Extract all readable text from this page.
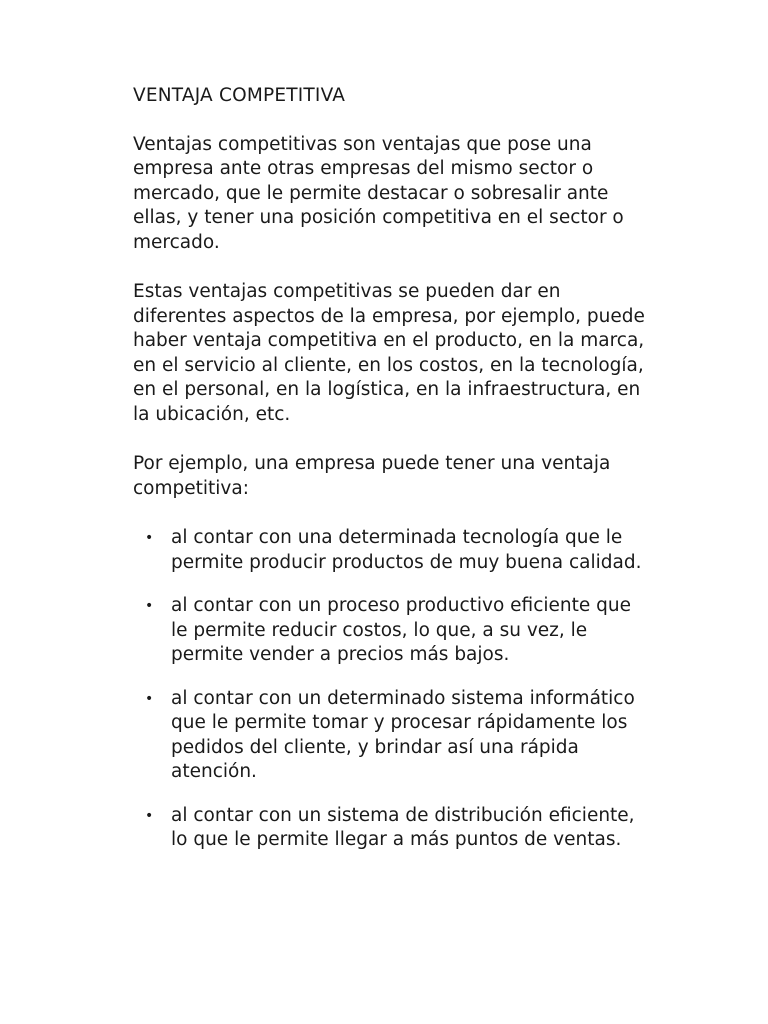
VENTAJA COMPETITIVA

Ventajas competitivas son ventajas que pose una empresa ante otras empresas del mismo sector o mercado, que le permite destacar o sobresalir ante ellas, y tener una posición competitiva en el sector o mercado.

Estas ventajas competitivas se pueden dar en diferentes aspectos de la empresa, por ejemplo, puede haber ventaja competitiva en el producto, en la marca, en el servicio al cliente, en los costos, en la tecnología, en el personal, en la logística, en la infraestructura, en la ubicación, etc.

Por ejemplo, una empresa puede tener una ventaja competitiva:

• al contar con una determinada tecnología que le permite producir productos de muy buena calidad.
• al contar con un proceso productivo eficiente que le permite reducir costos, lo que, a su vez, le permite vender a precios más bajos.
• al contar con un determinado sistema informático que le permite tomar y procesar rápidamente los pedidos del cliente, y brindar así una rápida atención.
• al contar con un sistema de distribución eficiente, lo que le permite llegar a más puntos de ventas.
